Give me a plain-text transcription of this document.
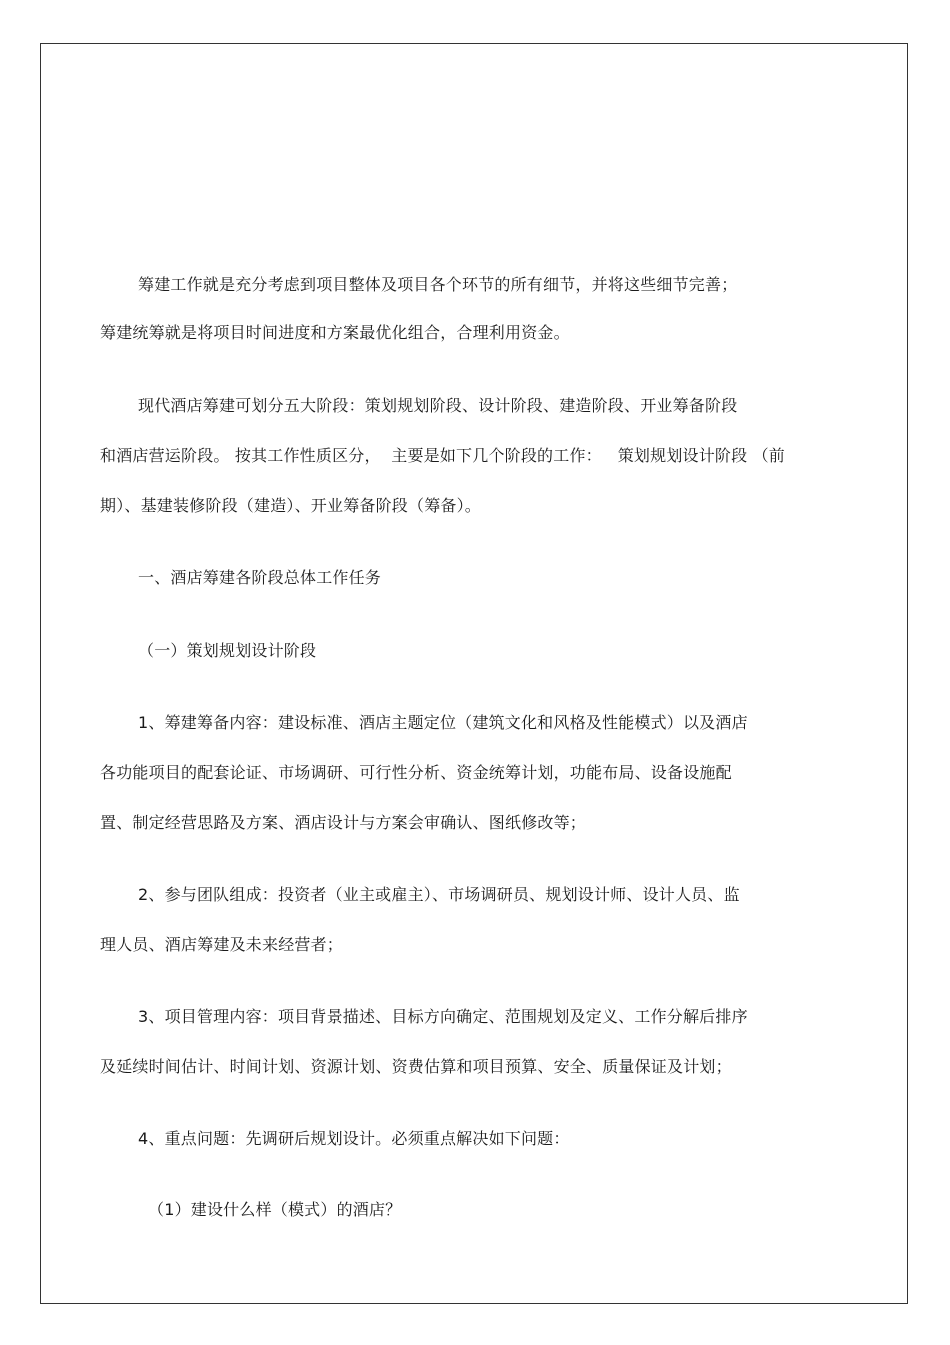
筹建工作就是充分考虑到项目整体及项目各个环节的所有细节，并将这些细节完善；
筹建统筹就是将项目时间进度和方案最优化组合，合理利用资金。
现代酒店筹建可划分五大阶段：策划规划阶段、设计阶段、建造阶段、开业筹备阶段
和酒店营运阶段。 按其工作性质区分，  主要是如下几个阶段的工作：   策划规划设计阶段 （前
期）、基建装修阶段（建造）、开业筹备阶段（筹备）。
一、酒店筹建各阶段总体工作任务
（一）策划规划设计阶段
1、筹建筹备内容：建设标准、酒店主题定位（建筑文化和风格及性能模式）以及酒店
各功能项目的配套论证、市场调研、可行性分析、资金统筹计划，功能布局、设备设施配
置、制定经营思路及方案、酒店设计与方案会审确认、图纸修改等；
2、参与团队组成：投资者（业主或雇主）、市场调研员、规划设计师、设计人员、监
理人员、酒店筹建及未来经营者；
3、项目管理内容：项目背景描述、目标方向确定、范围规划及定义、工作分解后排序
及延续时间估计、时间计划、资源计划、资费估算和项目预算、安全、质量保证及计划；
4、重点问题：先调研后规划设计。必须重点解决如下问题：
（1）建设什么样（模式）的酒店？
